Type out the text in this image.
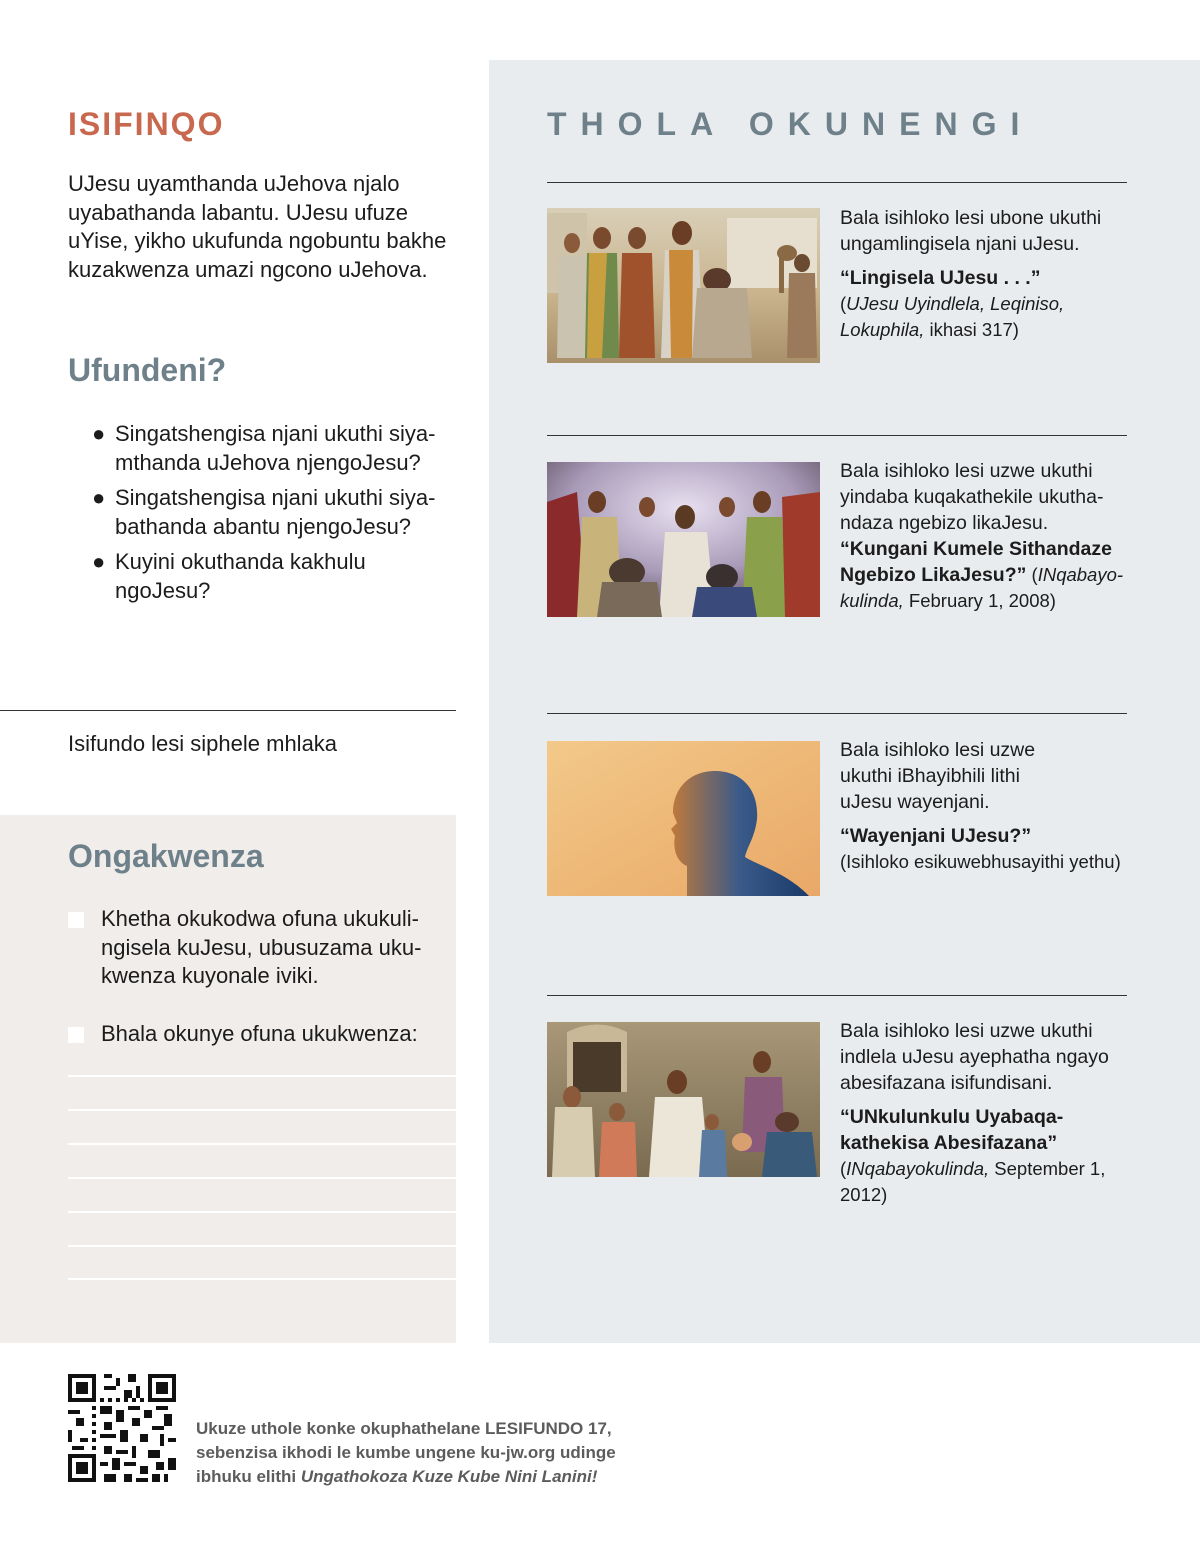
ISIFINQO
UJesu uyamthanda uJehova njalo uyabathanda labantu. UJesu ufuze uYise, yikho ukufunda ngobuntu bakhe kuzakwenza umazi ngcono uJehova.
Ufundeni?
● Singatshengisa njani ukuthi siyamthanda uJehova njengoJesu?
● Singatshengisa njani ukuthi siyabathanda abantu njengoJesu?
● Kuyini okuthanda kakhulu ngoJesu?
Isifundo lesi siphele mhlaka
Ongakwenza
Khetha okukodwa ofuna ukukulingisela kuJesu, ubusuzama ukukwenza kuyonale iviki.
Bhala okunye ofuna ukukwenza:
THOLA OKUNENGI
Bala isihloko lesi ubone ukuthi ungamlingisela njani uJesu.
“Lingisela UJesu . . .”
(UJesu Uyindlela, Leqiniso, Lokuphila, ikhasi 317)
Bala isihloko lesi uzwe ukuthi yindaba kuqakathekile ukuthandaza ngebizo likaJesu.
“Kungani Kumele Sithandaze Ngebizo LikaJesu?” (INqabayokulinda, February 1, 2008)
Bala isihloko lesi uzwe ukuthi iBhayibhili lithi uJesu wayenjani.
“Wayenjani UJesu?”
(Isihloko esikuwebhusayithi yethu)
Bala isihloko lesi uzwe ukuthi indlela uJesu ayephatha ngayo abesifazana isifundisani.
“UNkulunkulu Uyabaqakathekisa Abesifazana”
(INqabayokulinda, September 1, 2012)
Ukuze uthole konke okuphathelane LESIFUNDO 17,
sebenzisa ikhodi le kumbe ungene ku-jw.org udinge
ibhuku elithi Ungathokoza Kuze Kube Nini Lanini!
